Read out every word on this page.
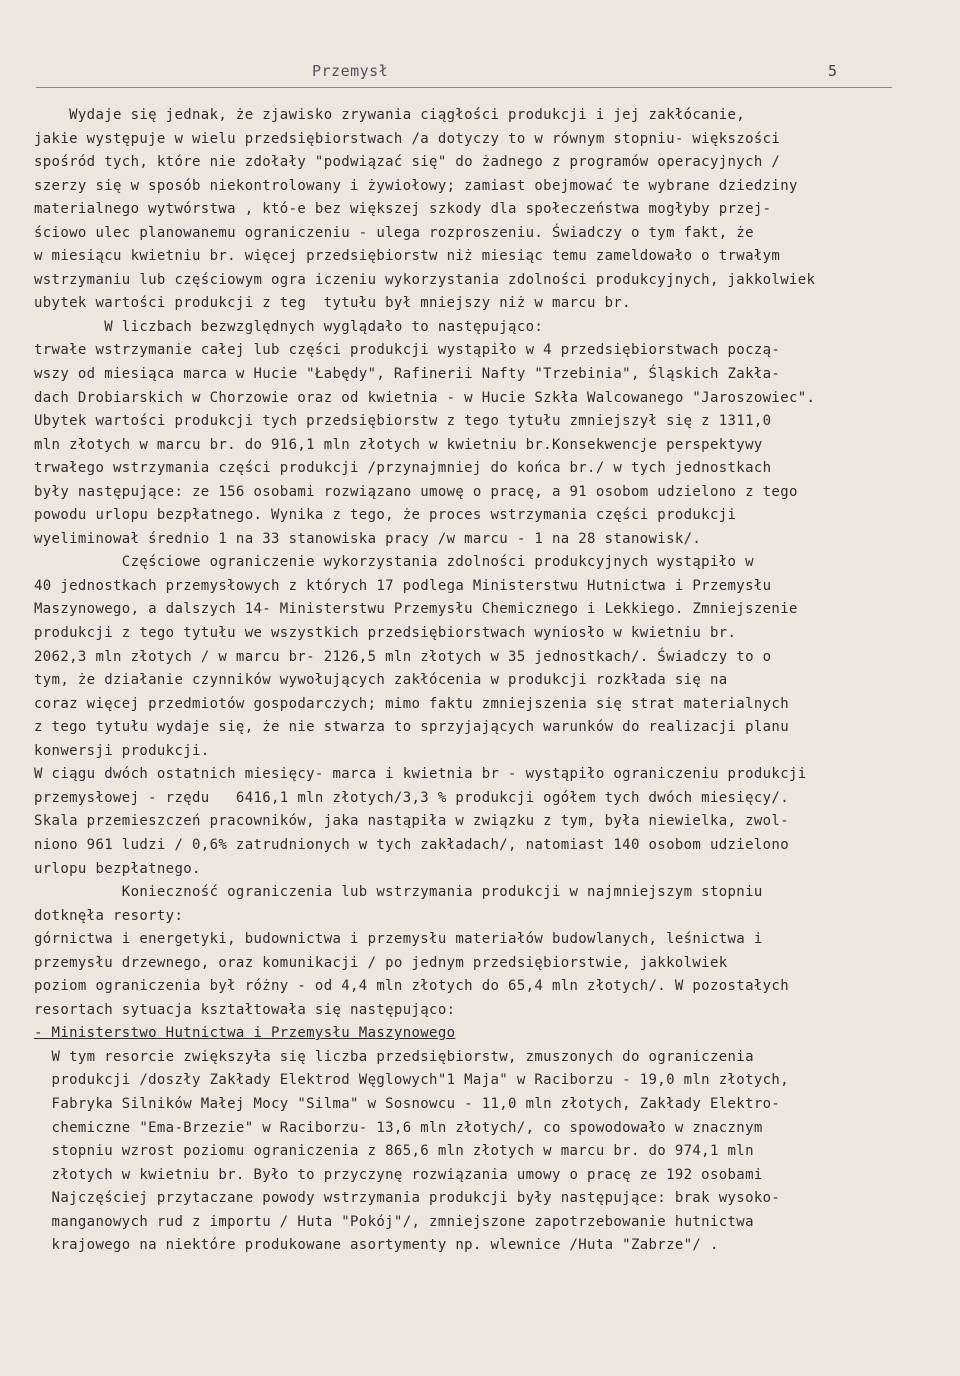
Przemysł	5
Wydaje się jednak, że zjawisko zrywania ciągłości produkcji i jej zakłócanie,
jakie występuje w wielu przedsiębiorstwach /a dotyczy to w równym stopniu- większości
spośród tych, które nie zdołały "podwiązać się" do żadnego z programów operacyjnych /
szerzy się w sposób niekontrolowany i żywiołowy; zamiast obejmować te wybrane dziedziny
materialnego wytwórstwa , któ-e bez większej szkody dla społeczeństwa mogłyby przej-
ściowo ulec planowanemu ograniczeniu - ulega rozproszeniu. Świadczy o tym fakt, że
w miesiącu kwietniu br. więcej przedsiębiorstw niż miesiąc temu zameldowało o trwałym
wstrzymaniu lub częściowym ogra iczeniu wykorzystania zdolności produkcyjnych, jakkolwiek
ubytek wartości produkcji z teg  tytułu był mniejszy niż w marcu br.
W liczbach bezwzględnych wyglądało to następująco:
trwałe wstrzymanie całej lub części produkcji wystąpiło w 4 przedsiębiorstwach począ-
wszy od miesiąca marca w Hucie "Łabędy", Rafinerii Nafty "Trzebinia", Śląskich Zakła-
dach Drobiarskich w Chorzowie oraz od kwietnia - w Hucie Szkła Walcowanego "Jaroszowiec".
Ubytek wartości produkcji tych przedsiębiorstw z tego tytułu zmniejszył się z 1311,0
mln złotych w marcu br. do 916,1 mln złotych w kwietniu br.Konsekwencje perspektywy
trwałego wstrzymania części produkcji /przynajmniej do końca br./ w tych jednostkach
były następujące: ze 156 osobami rozwiązano umowę o pracę, a 91 osobom udzielono z tego
powodu urlopu bezpłatnego. Wynika z tego, że proces wstrzymania części produkcji
wyeliminował średnio 1 na 33 stanowiska pracy /w marcu - 1 na 28 stanowisk/.
Częściowe ograniczenie wykorzystania zdolności produkcyjnych wystąpiło w
40 jednostkach przemysłowych z których 17 podlega Ministerstwu Hutnictwa i Przemysłu
Maszynowego, a dalszych 14- Ministerstwu Przemysłu Chemicznego i Lekkiego. Zmniejszenie
produkcji z tego tytułu we wszystkich przedsiębiorstwach wyniosło w kwietniu br.
2062,3 mln złotych / w marcu br- 2126,5 mln złotych w 35 jednostkach/. Świadczy to o
tym, że działanie czynników wywołujących zakłócenia w produkcji rozkłada się na
coraz więcej przedmiotów gospodarczych; mimo faktu zmniejszenia się strat materialnych
z tego tytułu wydaje się, że nie stwarza to sprzyjających warunków do realizacji planu
konwersji produkcji.
W ciągu dwóch ostatnich miesięcy- marca i kwietnia br - wystąpiło ograniczeniu produkcji
przemysłowej - rzędu   6416,1 mln złotych/3,3 % produkcji ogółem tych dwóch miesięcy/.
Skala przemieszczeń pracowników, jaka nastąpiła w związku z tym, była niewielka, zwol-
niono 961 ludzi / 0,6% zatrudnionych w tych zakładach/, natomiast 140 osobom udzielono
urlopu bezpłatnego.
Konieczność ograniczenia lub wstrzymania produkcji w najmniejszym stopniu
dotknęła resorty:
górnictwa i energetyki, budownictwa i przemysłu materiałów budowlanych, leśnictwa i
przemysłu drzewnego, oraz komunikacji / po jednym przedsiębiorstwie, jakkolwiek
poziom ograniczenia był różny - od 4,4 mln złotych do 65,4 mln złotych/. W pozostałych
resortach sytuacja kształtowała się następująco:
- Ministerstwo Hutnictwa i Przemysłu Maszynowego
W tym resorcie zwiększyła się liczba przedsiębiorstw, zmuszonych do ograniczenia
produkcji /doszły Zakłady Elektrod Węglowych"1 Maja" w Raciborzu - 19,0 mln złotych,
Fabryka Silników Małej Mocy "Silma" w Sosnowcu - 11,0 mln złotych, Zakłady Elektro-
chemiczne "Ema-Brzezie" w Raciborzu- 13,6 mln złotych/, co spowodowało w znacznym
stopniu wzrost poziomu ograniczenia z 865,6 mln złotych w marcu br. do 974,1 mln
złotych w kwietniu br. Było to przyczynę rozwiązania umowy o pracę ze 192 osobami
Najczęściej przytaczane powody wstrzymania produkcji były następujące: brak wysoko-
manganowych rud z importu / Huta "Pokój"/, zmniejszone zapotrzebowanie hutnictwa
krajowego na niektóre produkowane asortymenty np. wlewnice /Huta "Zabrze"/ .
